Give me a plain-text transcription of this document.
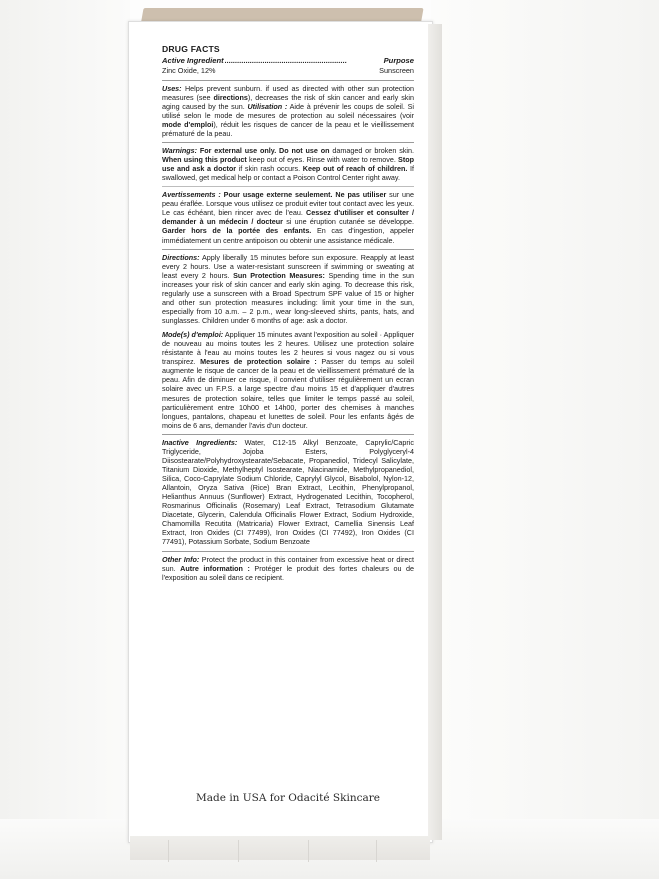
DRUG FACTS
Active Ingredient ..........................................................	Purpose
Zinc Oxide, 12%	Sunscreen

Uses: Helps prevent sunburn. if used as directed with other sun protection measures (see directions), decreases the risk of skin cancer and early skin aging caused by the sun. Utilisation : Aide à prévenir les coups de soleil. Si utilisé selon le mode de mesures de protection au soleil nécessaires (voir mode d'emploi), réduit les risques de cancer de la peau et le vieillissement prématuré de la peau.

Warnings: For external use only. Do not use on damaged or broken skin. When using this product keep out of eyes. Rinse with water to remove. Stop use and ask a doctor if skin rash occurs. Keep out of reach of children. If swallowed, get medical help or contact a Poison Control Center right away.

Avertissements : Pour usage externe seulement. Ne pas utiliser sur une peau éraflée. Lorsque vous utilisez ce produit eviter tout contact avec les yeux. Le cas échéant, bien rincer avec de l'eau. Cessez d'utiliser et consulter / demander à un médecin / docteur si une éruption cutanée se développe. Garder hors de la portée des enfants. En cas d'ingestion, appeler immédiatement un centre antipoison ou obtenir une assistance médicale.

Directions: Apply liberally 15 minutes before sun exposure. Reapply at least every 2 hours. Use a water-resistant sunscreen if swimming or sweating at least every 2 hours. Sun Protection Measures: Spending time in the sun increases your risk of skin cancer and early skin aging. To decrease this risk, regularly use a sunscreen with a Broad Spectrum SPF value of 15 or higher and other sun protection measures including: limit your time in the sun, especially from 10 a.m. – 2 p.m., wear long-sleeved shirts, pants, hats, and sunglasses. Children under 6 months of age: ask a doctor.

Mode(s) d'emploi: Appliquer 15 minutes avant l'exposition au soleil · Appliquer de nouveau au moins toutes les 2 heures. Utilisez une protection solaire résistante à l'eau au moins toutes les 2 heures si vous nagez ou si vous transpirez. Mesures de protection solaire : Passer du temps au soleil augmente le risque de cancer de la peau et de vieillissement prématuré de la peau. Afin de diminuer ce risque, il convient d'utiliser régulièrement un ecran solaire avec un F.P.S. a large spectre d'au moins 15 et d'appliquer d'autres mesures de protection solaire, telles que limiter le temps passé au soleil, particulièrement entre 10h00 et 14h00, porter des chemises à manches longues, pantalons, chapeau et lunettes de soleil. Pour les enfants âgés de moins de 6 ans, demander l'avis d'un docteur.

Inactive Ingredients: Water, C12-15 Alkyl Benzoate, Caprylic/Capric Triglyceride, Jojoba Esters, Polyglyceryl-4 Diisostearate/Polyhydroxystearate/Sebacate, Propanediol, Tridecyl Salicylate, Titanium Dioxide, Methylheptyl Isostearate, Niacinamide, Methylpropanediol, Silica, Coco-Caprylate Sodium Chloride, Caprylyl Glycol, Bisabolol, Nylon-12, Allantoin, Oryza Sativa (Rice) Bran Extract, Lecithin, Phenylpropanol, Helianthus Annuus (Sunflower) Extract, Hydrogenated Lecithin, Tocopherol, Rosmarinus Officinalis (Rosemary) Leaf Extract, Tetrasodium Glutamate Diacetate, Glycerin, Calendula Officinalis Flower Extract, Sodium Hydroxide, Chamomilla Recutita (Matricaria) Flower Extract, Camellia Sinensis Leaf Extract, Iron Oxides (CI 77499), Iron Oxides (CI 77492), Iron Oxides (CI 77491), Potassium Sorbate, Sodium Benzoate

Other Info: Protect the product in this container from excessive heat or direct sun. Autre information : Protéger le produit des fortes chaleurs ou de l'exposition au soleil dans ce recipient.

Made in USA for Odacité Skincare
